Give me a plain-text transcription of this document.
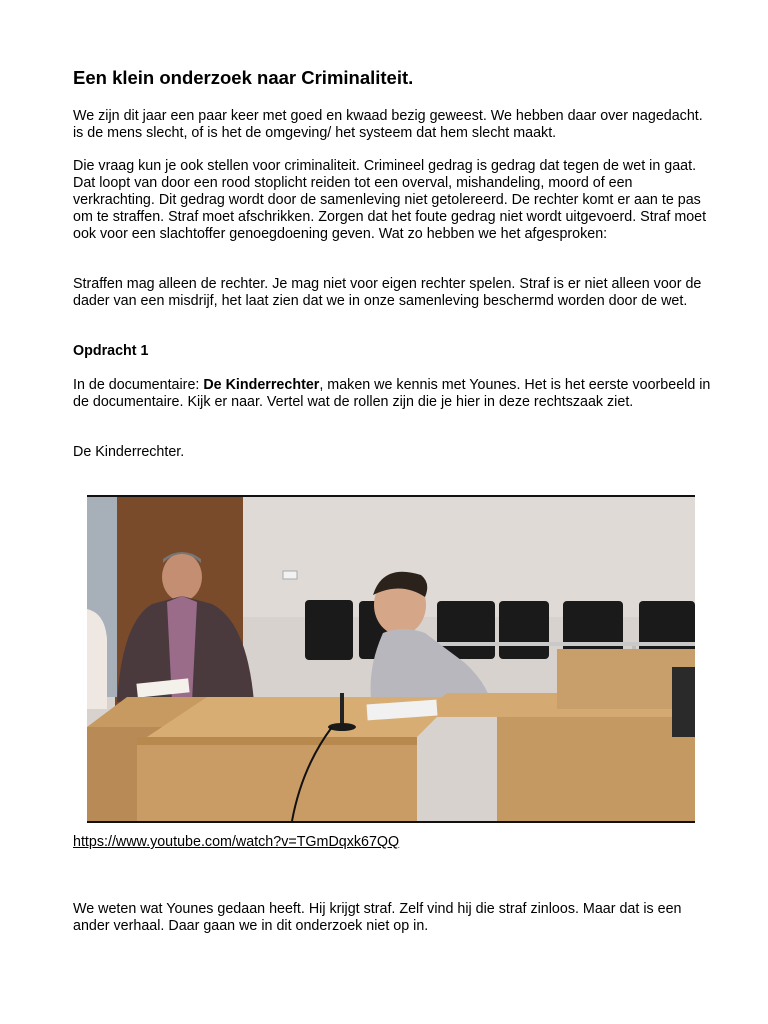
Een klein onderzoek naar Criminaliteit.

We zijn dit jaar een paar keer met goed en kwaad bezig geweest. We hebben daar over nagedacht. is de mens slecht, of is het de omgeving/ het systeem dat hem slecht maakt.

Die vraag kun je ook stellen voor criminaliteit. Crimineel gedrag is gedrag dat tegen de wet in gaat. Dat loopt van door een rood stoplicht reiden tot een overval, mishandeling, moord of een verkrachting. Dit gedrag wordt door de samenleving niet getolereerd. De rechter komt er aan te pas om te straffen. Straf moet afschrikken. Zorgen dat het foute gedrag niet wordt uitgevoerd. Straf moet ook voor een slachtoffer genoegdoening geven. Wat zo hebben we het afgesproken:

Straffen mag alleen de rechter. Je mag niet voor eigen rechter spelen. Straf is er niet alleen voor de dader van een misdrijf, het laat zien dat we in onze samenleving beschermd worden door de wet.

Opdracht 1

In de documentaire: De Kinderrechter, maken we kennis met Younes. Het is het eerste voorbeeld in de documentaire. Kijk er naar. Vertel wat de rollen zijn die je hier in deze rechtszaak ziet.

De Kinderrechter.
https://www.youtube.com/watch?v=TGmDqxk67QQ

We weten wat Younes gedaan heeft. Hij krijgt straf. Zelf vind hij die straf zinloos. Maar dat is een ander verhaal. Daar gaan we in dit onderzoek niet op in.
